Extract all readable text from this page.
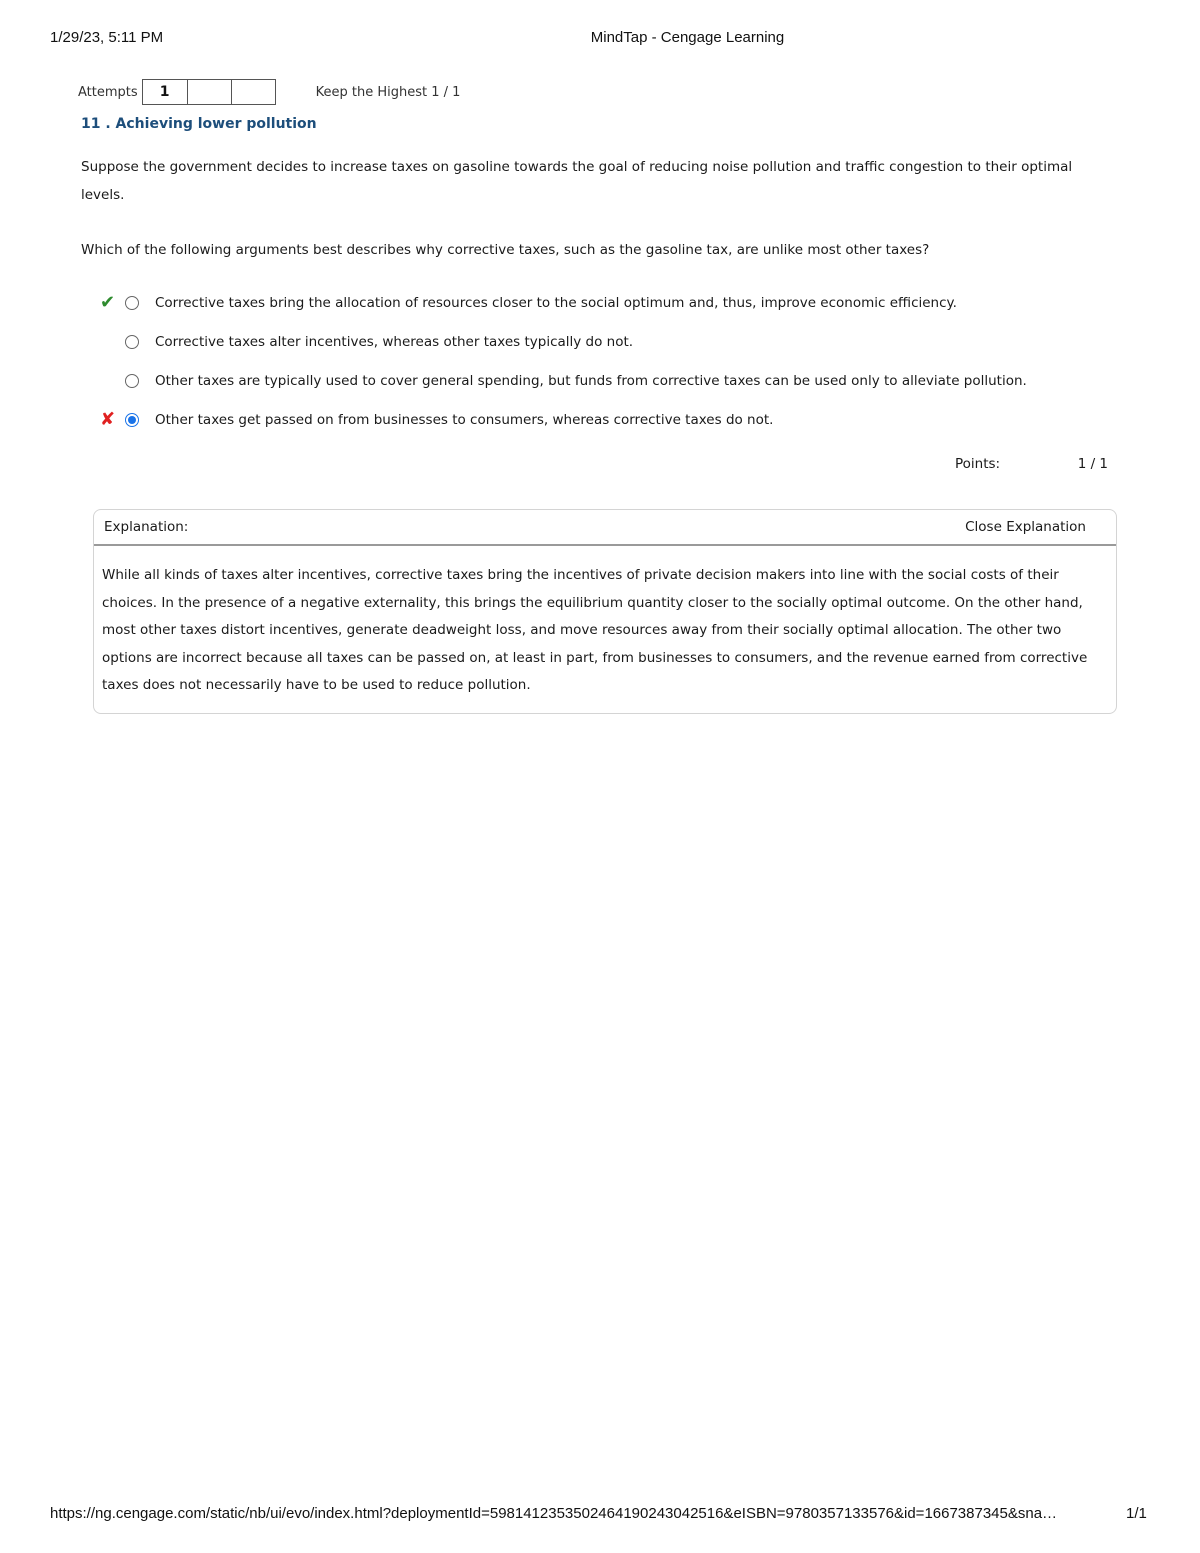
1/29/23, 5:11 PM	MindTap - Cengage Learning
Attempts	1	Keep the Highest 1 / 1
11 . Achieving lower pollution
Suppose the government decides to increase taxes on gasoline towards the goal of reducing noise pollution and traffic congestion to their optimal levels.
Which of the following arguments best describes why corrective taxes, such as the gasoline tax, are unlike most other taxes?
✔	Corrective taxes bring the allocation of resources closer to the social optimum and, thus, improve economic efficiency.
Corrective taxes alter incentives, whereas other taxes typically do not.
Other taxes are typically used to cover general spending, but funds from corrective taxes can be used only to alleviate pollution.
✘	Other taxes get passed on from businesses to consumers, whereas corrective taxes do not.
Points:	1 / 1
Explanation:	Close Explanation
While all kinds of taxes alter incentives, corrective taxes bring the incentives of private decision makers into line with the social costs of their choices. In the presence of a negative externality, this brings the equilibrium quantity closer to the socially optimal outcome. On the other hand, most other taxes distort incentives, generate deadweight loss, and move resources away from their socially optimal allocation. The other two options are incorrect because all taxes can be passed on, at least in part, from businesses to consumers, and the revenue earned from corrective taxes does not necessarily have to be used to reduce pollution.
https://ng.cengage.com/static/nb/ui/evo/index.html?deploymentId=5981412353502464190243042516&eISBN=9780357133576&id=1667387345&sna…	1/1
